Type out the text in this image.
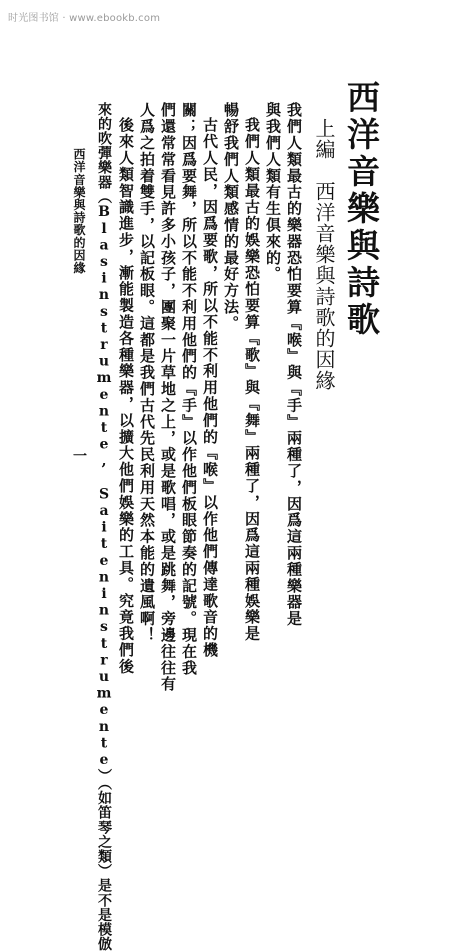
时光图书馆 · www.ebookb.com
西洋音樂與詩歌
上編　西洋音樂與詩歌的因緣
我們人類最古的樂器恐怕要算『喉』與『手』兩種了，因爲這兩種樂器是
與我們人類有生俱來的。
我們人類最古的娛樂恐怕要算『歌』與『舞』兩種了，因爲這兩種娛樂是
暢舒我們人類感情的最好方法。
古代人民，因爲要歌，所以不能不利用他們的『喉』以作他們傳達歌音的機
關；因爲要舞，所以不能不利用他們的『手』以作他們板眼節奏的記號。現在我
們還常常看見許多小孩子，團聚一片草地之上，或是歌唱，或是跳舞，旁邊往往有
人爲之拍着雙手，以記板眼。這都是我們古代先民利用天然本能的遺風啊！
後來人類智識進步，漸能製造各種樂器，以擴大他們娛樂的工具。究竟我們後
來的吹彈樂器（Blasinstrumente, Saiteninstrumente）（如笛琴之類）是不是模倣
西洋音樂與詩歌的因緣
一
